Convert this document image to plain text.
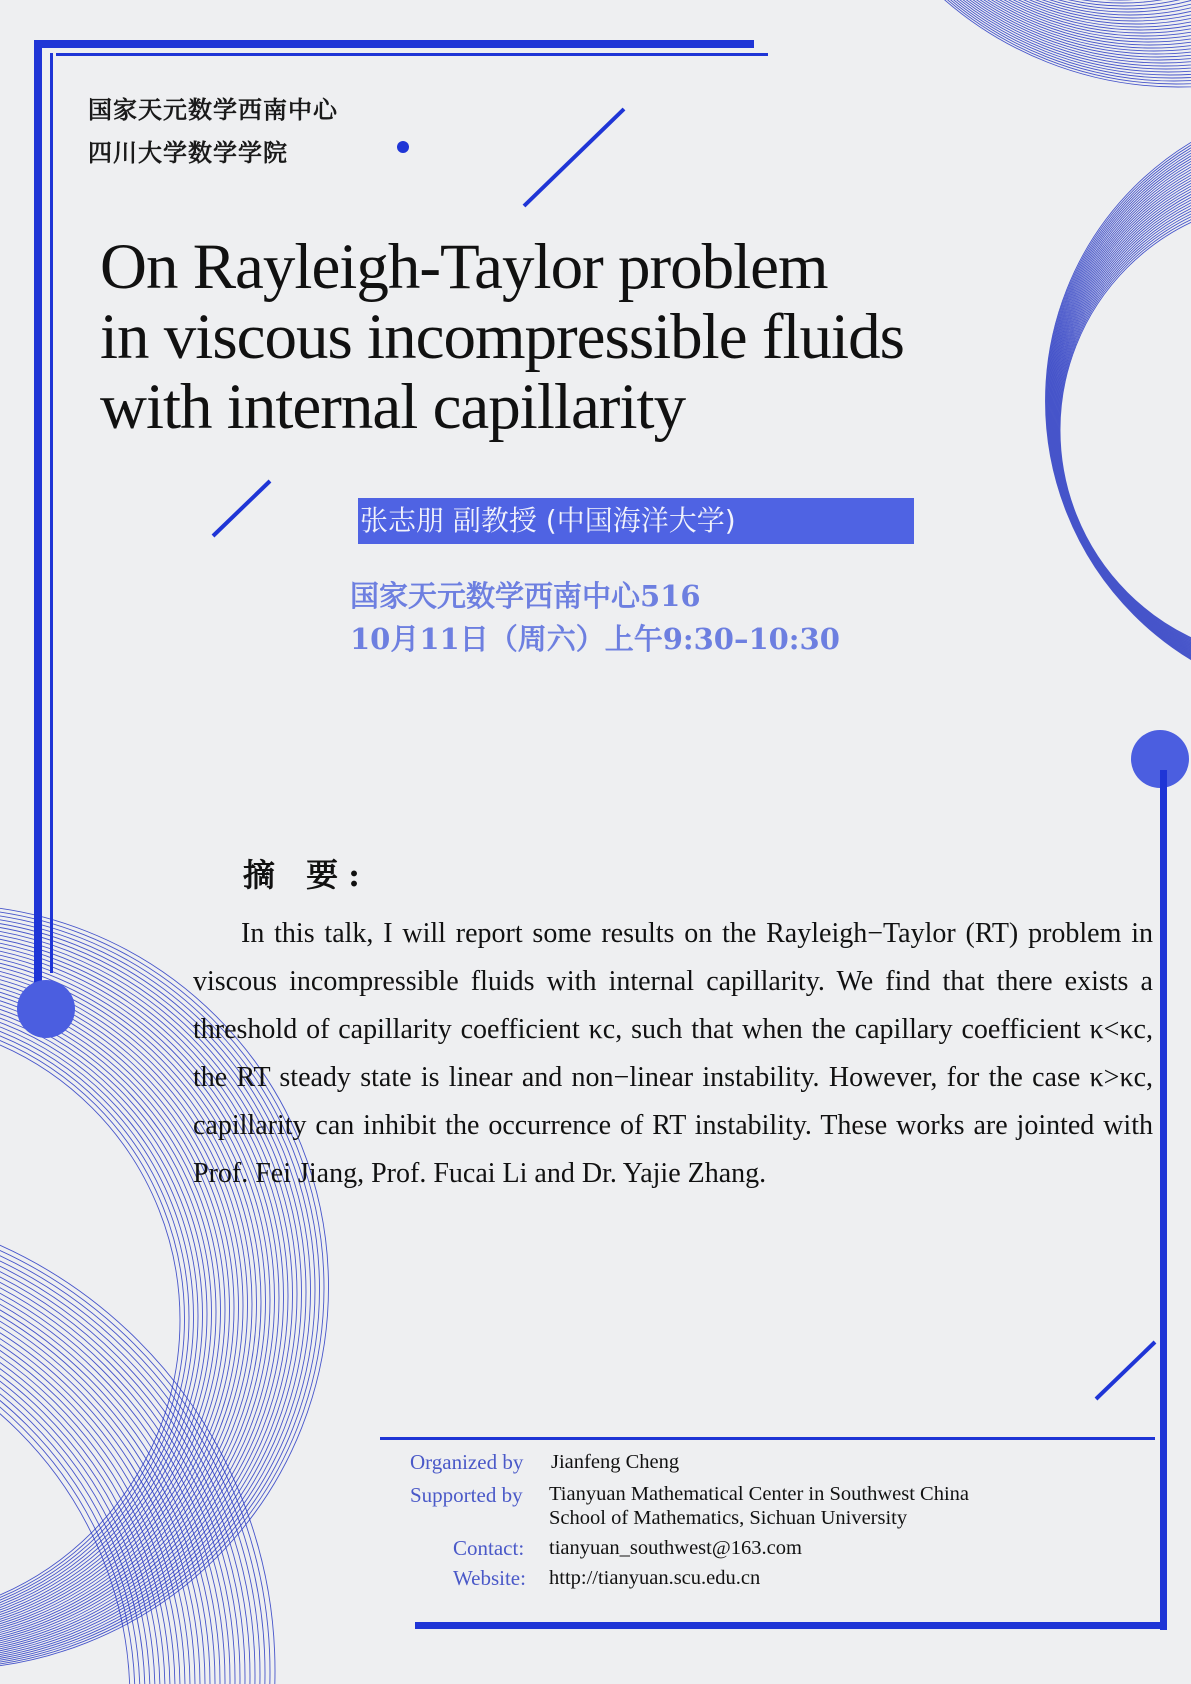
国家天元数学西南中心
四川大学数学学院
On Rayleigh-Taylor problem
in viscous incompressible fluids
with internal capillarity
张志朋 副教授 (中国海洋大学)
国家天元数学西南中心516
10月11日（周六）上午9:30–10:30
摘 要:

In this talk, I will report some results on the Rayleigh−Taylor (RT) problem in viscous incompressible fluids with internal capillarity. We find that there exists a threshold of capillarity coefficient κc, such that when the capillary coefficient κ<κc, the RT steady state is linear and non−linear instability. However, for the case κ>κc, capillarity can inhibit the occurrence of RT instability. These works are jointed with Prof. Fei Jiang, Prof. Fucai Li and Dr. Yajie Zhang.

Organized by Jianfeng Cheng
Supported by Tianyuan Mathematical Center in Southwest China
School of Mathematics, Sichuan University
Contact: tianyuan_southwest@163.com
Website: http://tianyuan.scu.edu.cn
